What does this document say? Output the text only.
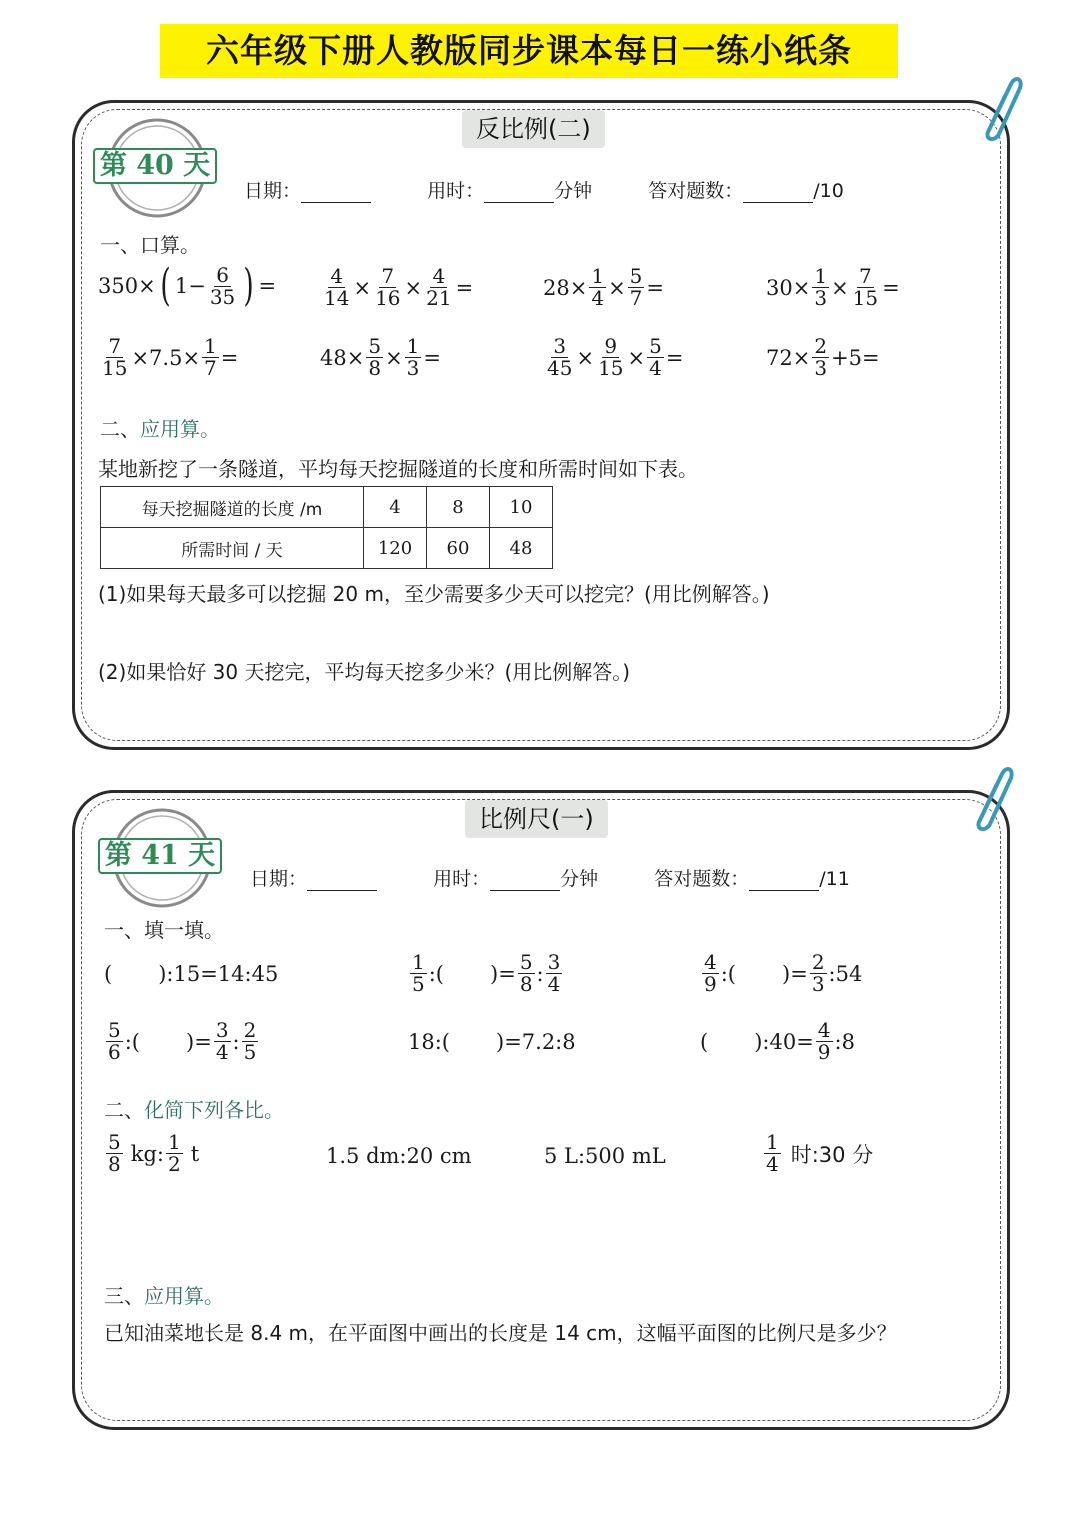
六年级下册人教版同步课本每日一练小纸条
反比例(二)
第 40 天
日期：	用时：	分钟	答对题数：	/10
一、口算。
350× ( $1- \frac{6}{35}$ ) = $\frac{4}{14} \times \frac{7}{16} \times \frac{4}{21}$ =	$28\times \frac{1}{4} \times \frac{5}{7}$ =	$30\times \frac{1}{3} \times \frac{7}{15}$ =
$\frac{7}{15} \times 7.5\times \frac{1}{7}$ =	$48\times \frac{5}{8} \times \frac{1}{3}$ =	$\frac{3}{45} \times \frac{9}{15} \times \frac{5}{4}$ =	$72\times \frac{2}{3} +5=$
二、应用算。
某地新挖了一条隧道，平均每天挖掘隧道的长度和所需时间如下表。
每天挖掘隧道的长度 /m	4	8	10
所需时间 / 天	120	60	48
(1)如果每天最多可以挖掘 20 m，至少需要多少天可以挖完？(用比例解答。)
(2)如果恰好 30 天挖完，平均每天挖多少米？(用比例解答。)
比例尺(一)
第 41 天
日期：	用时：	分钟	答对题数：	/11
一、填一填。
( ) :15=14:45	$\frac{1}{5}$ :( )= $\frac{5}{8}$ : $\frac{3}{4}$	$\frac{4}{9}$ :( )= $\frac{2}{3}$ :54
$\frac{5}{6}$ :( )= $\frac{3}{4}$ : $\frac{2}{5}$	18:( )=7.2:8	( ):40= $\frac{4}{9}$ :8
二、化简下列各比。
$\frac{5}{8}$ kg: $\frac{1}{2}$ t	1.5 dm:20 cm	5 L:500 mL	$\frac{1}{4}$ 时:30 分
三、应用算。
已知油菜地长是 8.4 m，在平面图中画出的长度是 14 cm，这幅平面图的比例尺是多少？
